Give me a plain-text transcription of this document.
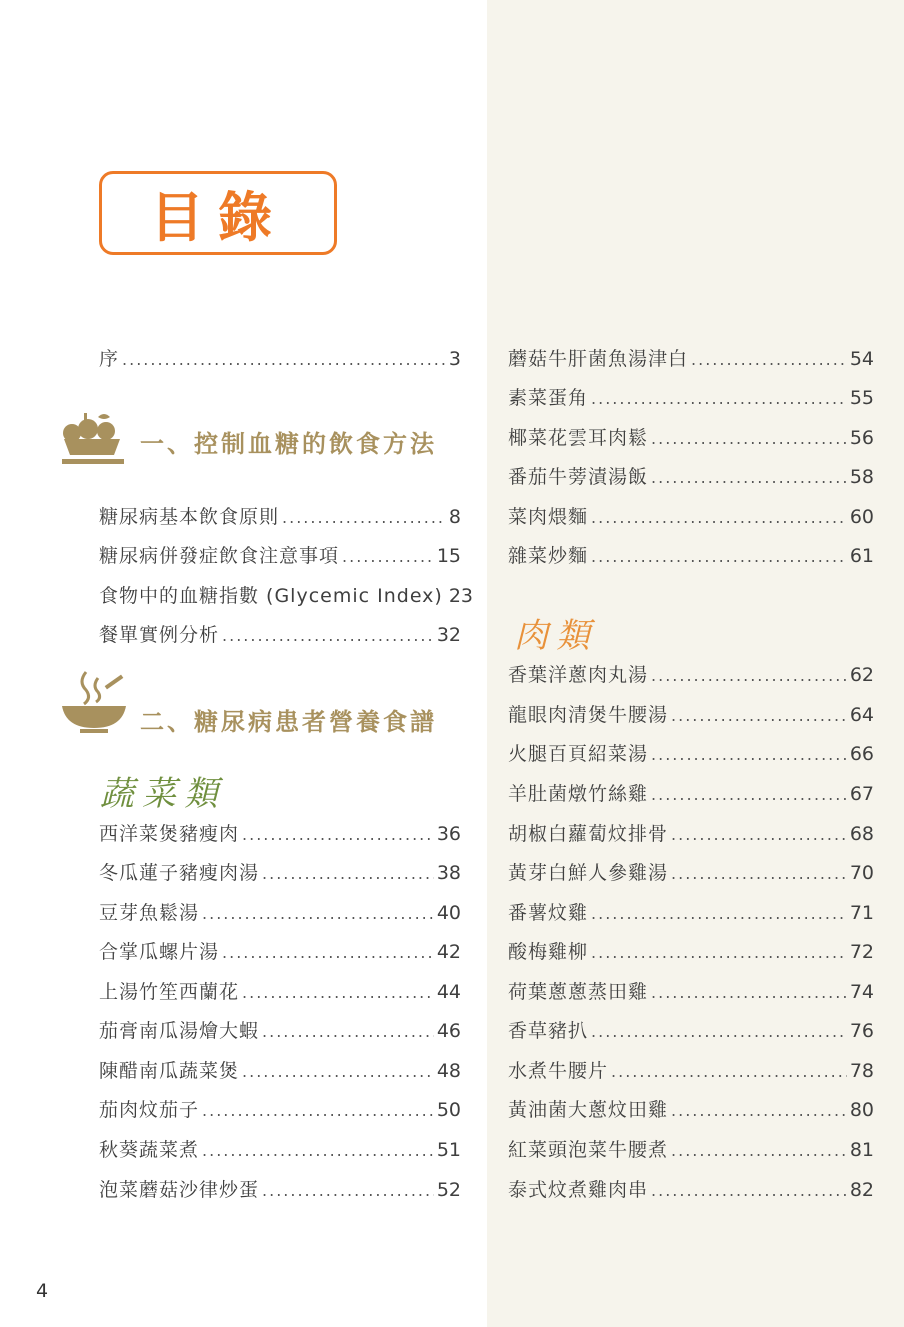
目錄
序 .....	3
一、控制血糖的飲食方法
糖尿病基本飲食原則 .....	8
糖尿病併發症飲食注意事項 .....	15
食物中的血糖指數 (Glycemic Index) 23
餐單實例分析 .....	32
二、糖尿病患者營養食譜
蔬菜類
西洋菜煲豬瘦肉 .....	36
冬瓜蓮子豬瘦肉湯 .....	38
豆芽魚鬆湯 .....	40
合掌瓜螺片湯 .....	42
上湯竹笙西蘭花 .....	44
茄膏南瓜湯燴大蝦 .....	46
陳醋南瓜蔬菜煲 .....	48
茄肉炆茄子 .....	50
秋葵蔬菜煮 .....	51
泡菜蘑菇沙律炒蛋 .....	52
蘑菇牛肝菌魚湯津白 .....	54
素菜蛋角 .....	55
椰菜花雲耳肉鬆 .....	56
番茄牛蒡漬湯飯 .....	58
菜肉煨麵 .....	60
雜菜炒麵 .....	61
肉類
香葉洋蔥肉丸湯 .....	62
龍眼肉清煲牛腰湯 .....	64
火腿百頁紹菜湯 .....	66
羊肚菌燉竹絲雞 .....	67
胡椒白蘿蔔炆排骨 .....	68
黃芽白鮮人參雞湯 .....	70
番薯炆雞 .....	71
酸梅雞柳 .....	72
荷葉蔥蔥蒸田雞 .....	74
香草豬扒 .....	76
水煮牛腰片 .....	78
黃油菌大蔥炆田雞 .....	80
紅菜頭泡菜牛腰煮 .....	81
泰式炆煮雞肉串 .....	82
4
